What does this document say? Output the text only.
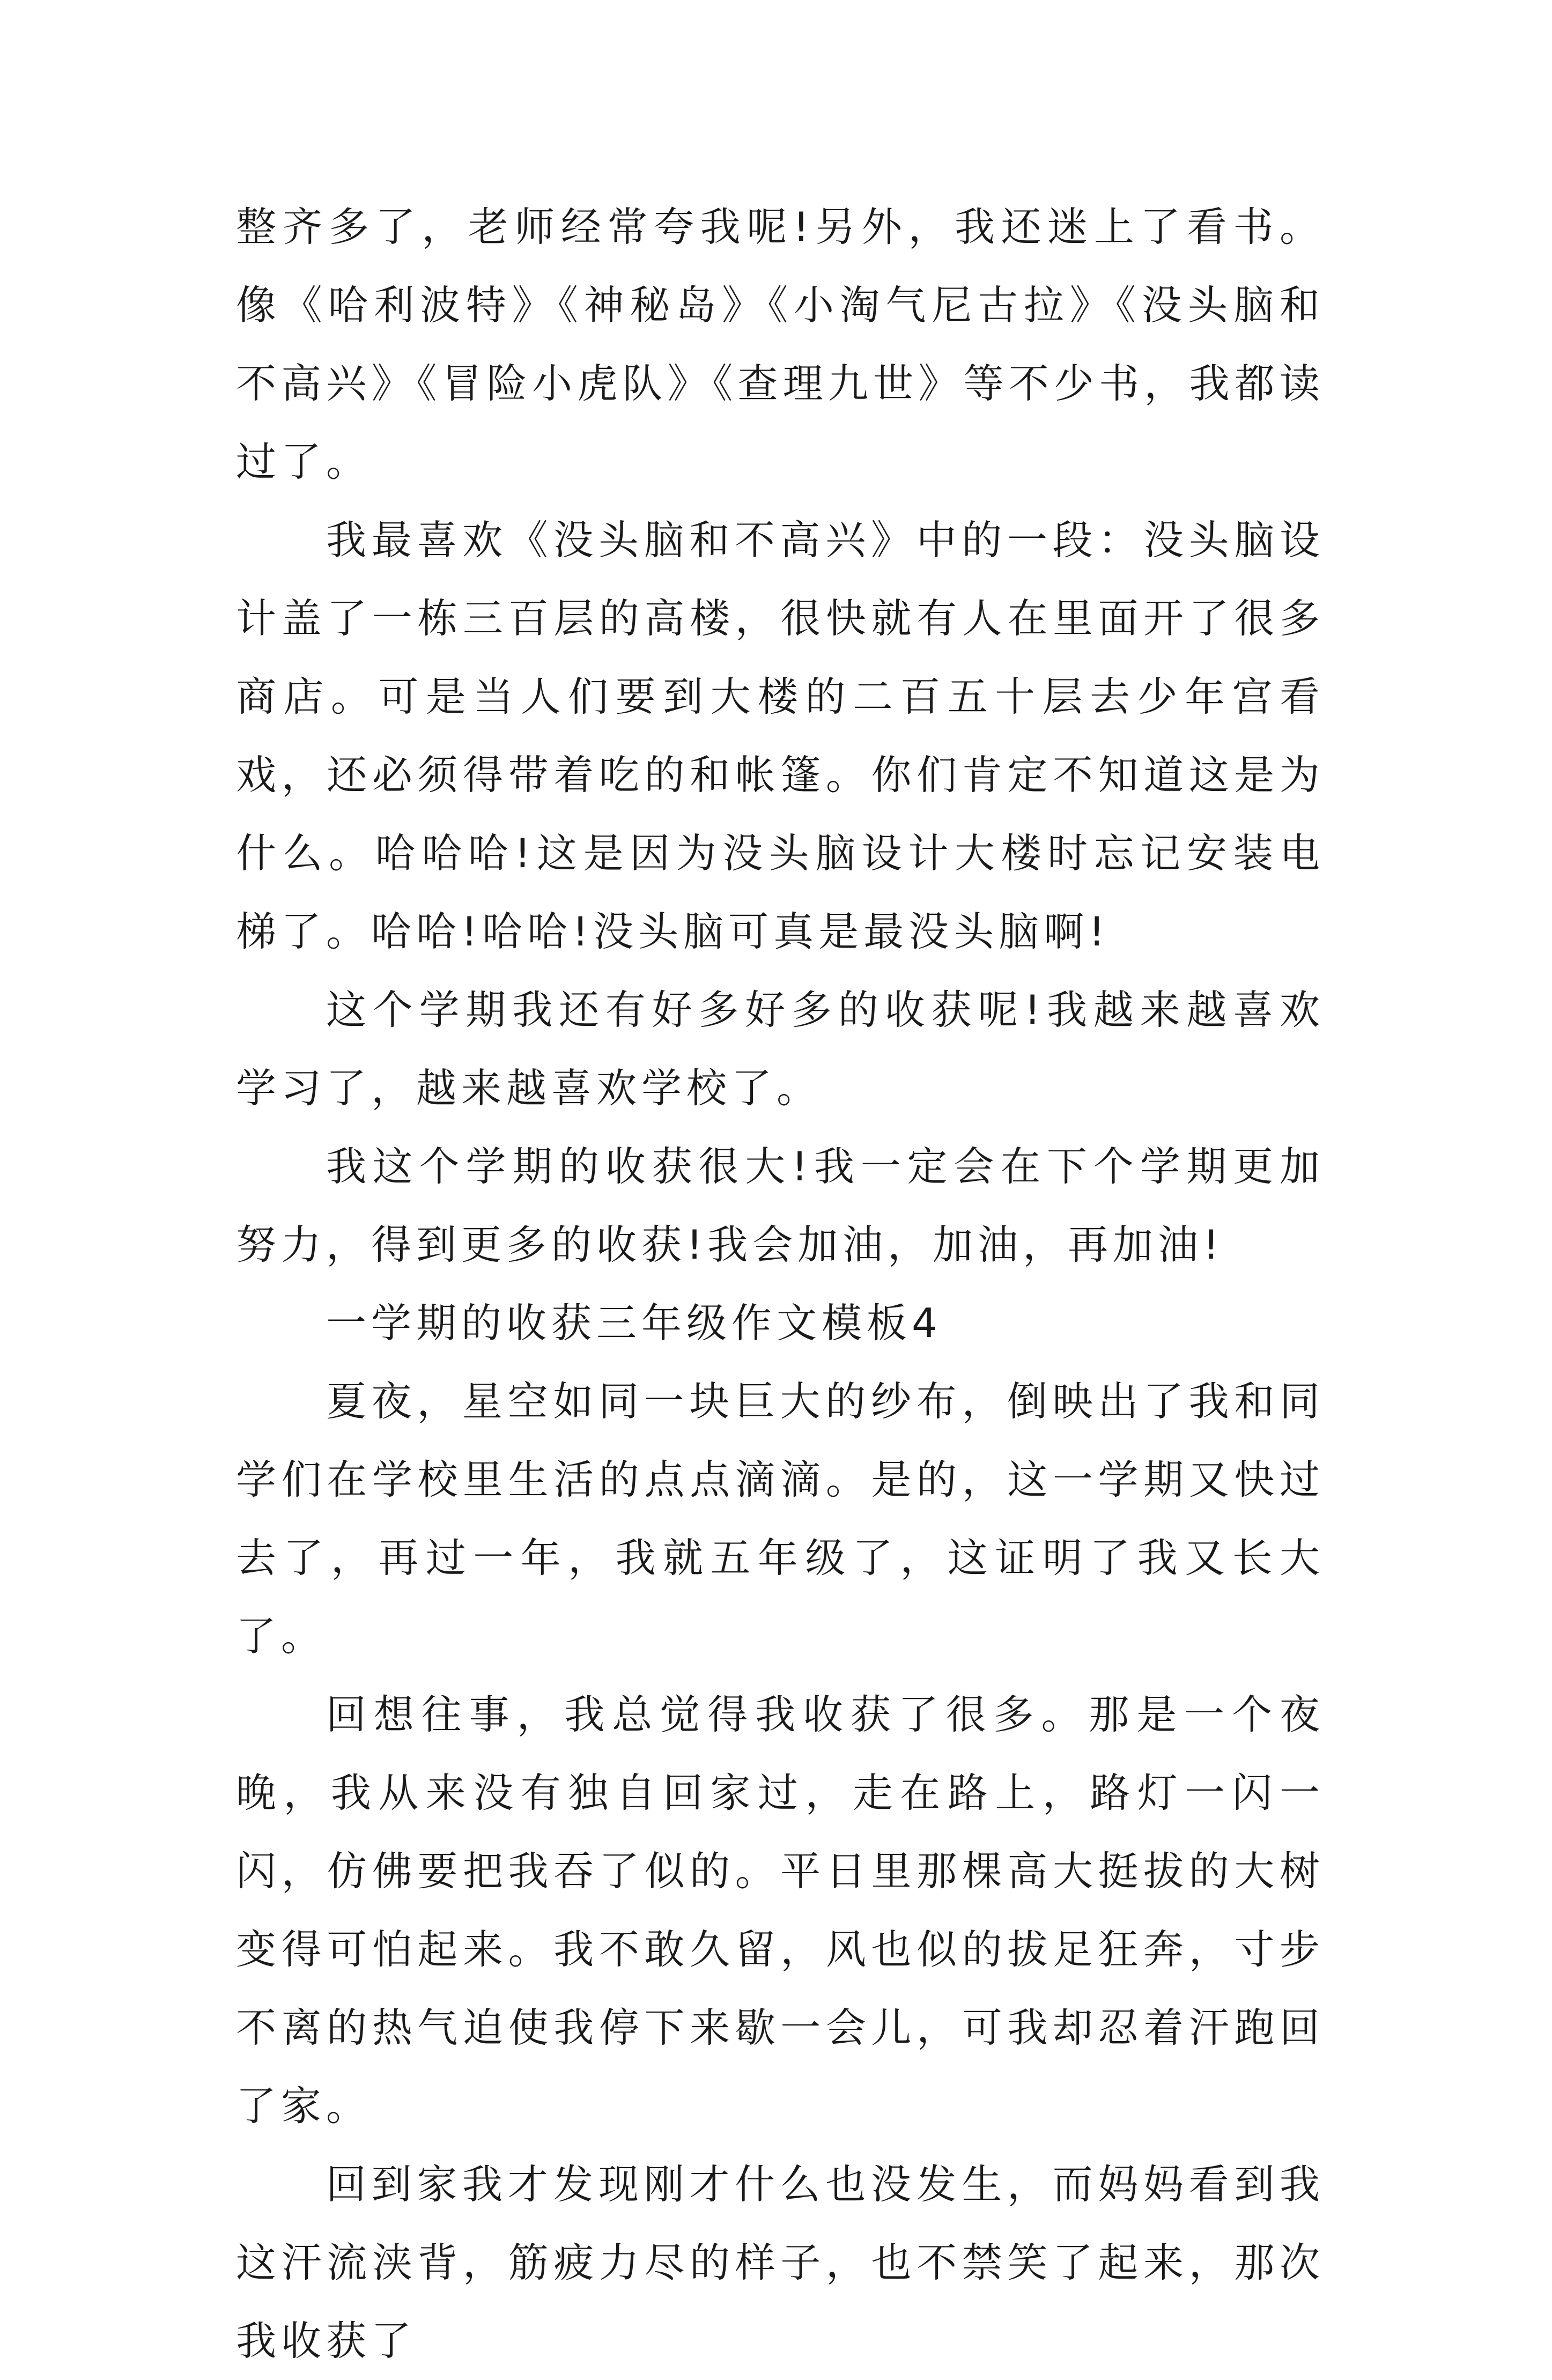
整齐多了，老师经常夸我呢!另外，我还迷上了看书。像《哈利波特》《神秘岛》《小淘气尼古拉》《没头脑和不高兴》《冒险小虎队》《查理九世》等不少书，我都读过了。

我最喜欢《没头脑和不高兴》中的一段：没头脑设计盖了一栋三百层的高楼，很快就有人在里面开了很多商店。可是当人们要到大楼的二百五十层去少年宫看戏，还必须得带着吃的和帐篷。你们肯定不知道这是为什么。哈哈哈!这是因为没头脑设计大楼时忘记安装电梯了。哈哈!哈哈!没头脑可真是最没头脑啊!

这个学期我还有好多好多的收获呢!我越来越喜欢学习了，越来越喜欢学校了。

我这个学期的收获很大!我一定会在下个学期更加努力，得到更多的收获!我会加油，加油，再加油!

一学期的收获三年级作文模板4

夏夜，星空如同一块巨大的纱布，倒映出了我和同学们在学校里生活的点点滴滴。是的，这一学期又快过去了，再过一年，我就五年级了，这证明了我又长大了。

回想往事，我总觉得我收获了很多。那是一个夜晚，我从来没有独自回家过，走在路上，路灯一闪一闪，仿佛要把我吞了似的。平日里那棵高大挺拔的大树变得可怕起来。我不敢久留，风也似的拔足狂奔，寸步不离的热气迫使我停下来歇一会儿，可我却忍着汗跑回了家。

回到家我才发现刚才什么也没发生，而妈妈看到我这汗流浃背，筋疲力尽的样子，也不禁笑了起来，那次我收获了
